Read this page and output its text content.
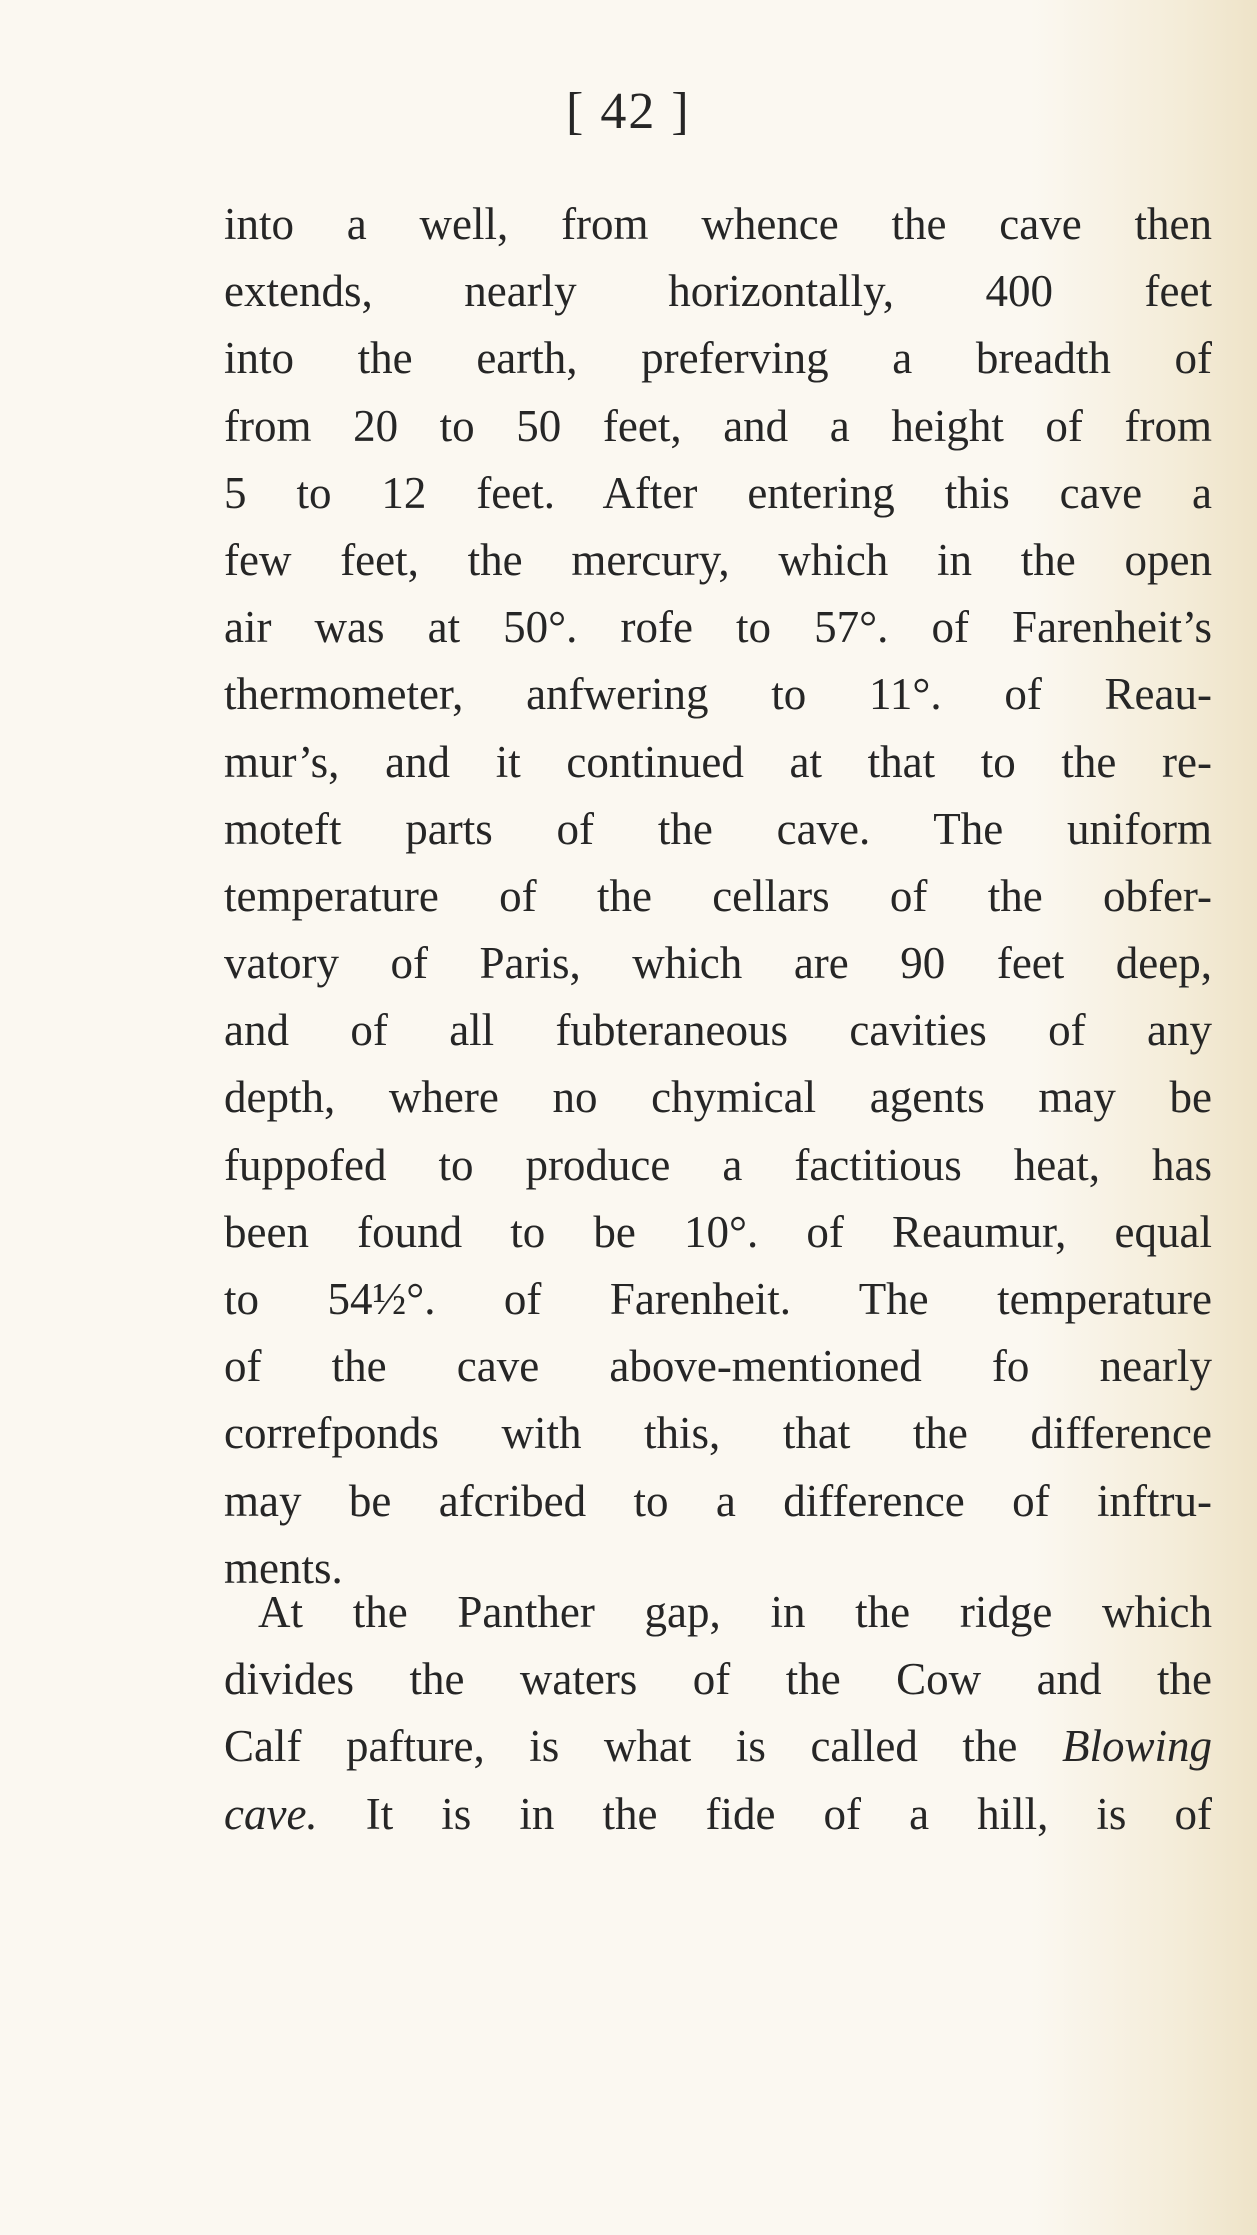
[ 42 ]
into a well, from whence the cave then
extends, nearly horizontally, 400 feet
into the earth, preferving a breadth of
from 20 to 50 feet, and a height of from
5 to 12 feet. After entering this cave a
few feet, the mercury, which in the open
air was at 50°. rofe to 57°. of Farenheit’s
thermometer, anfwering to 11°. of Reau-
mur’s, and it continued at that to the re-
moteft parts of the cave. The uniform
temperature of the cellars of the obfer-
vatory of Paris, which are 90 feet deep,
and of all fubteraneous cavities of any
depth, where no chymical agents may be
fuppofed to produce a factitious heat, has
been found to be 10°. of Reaumur, equal
to 54½°. of Farenheit. The temperature
of the cave above-mentioned fo nearly
correfponds with this, that the difference
may be afcribed to a difference of inftru-
ments.
At the Panther gap, in the ridge which
divides the waters of the Cow and the
Calf pafture, is what is called the Blowing
cave. It is in the fide of a hill, is of
